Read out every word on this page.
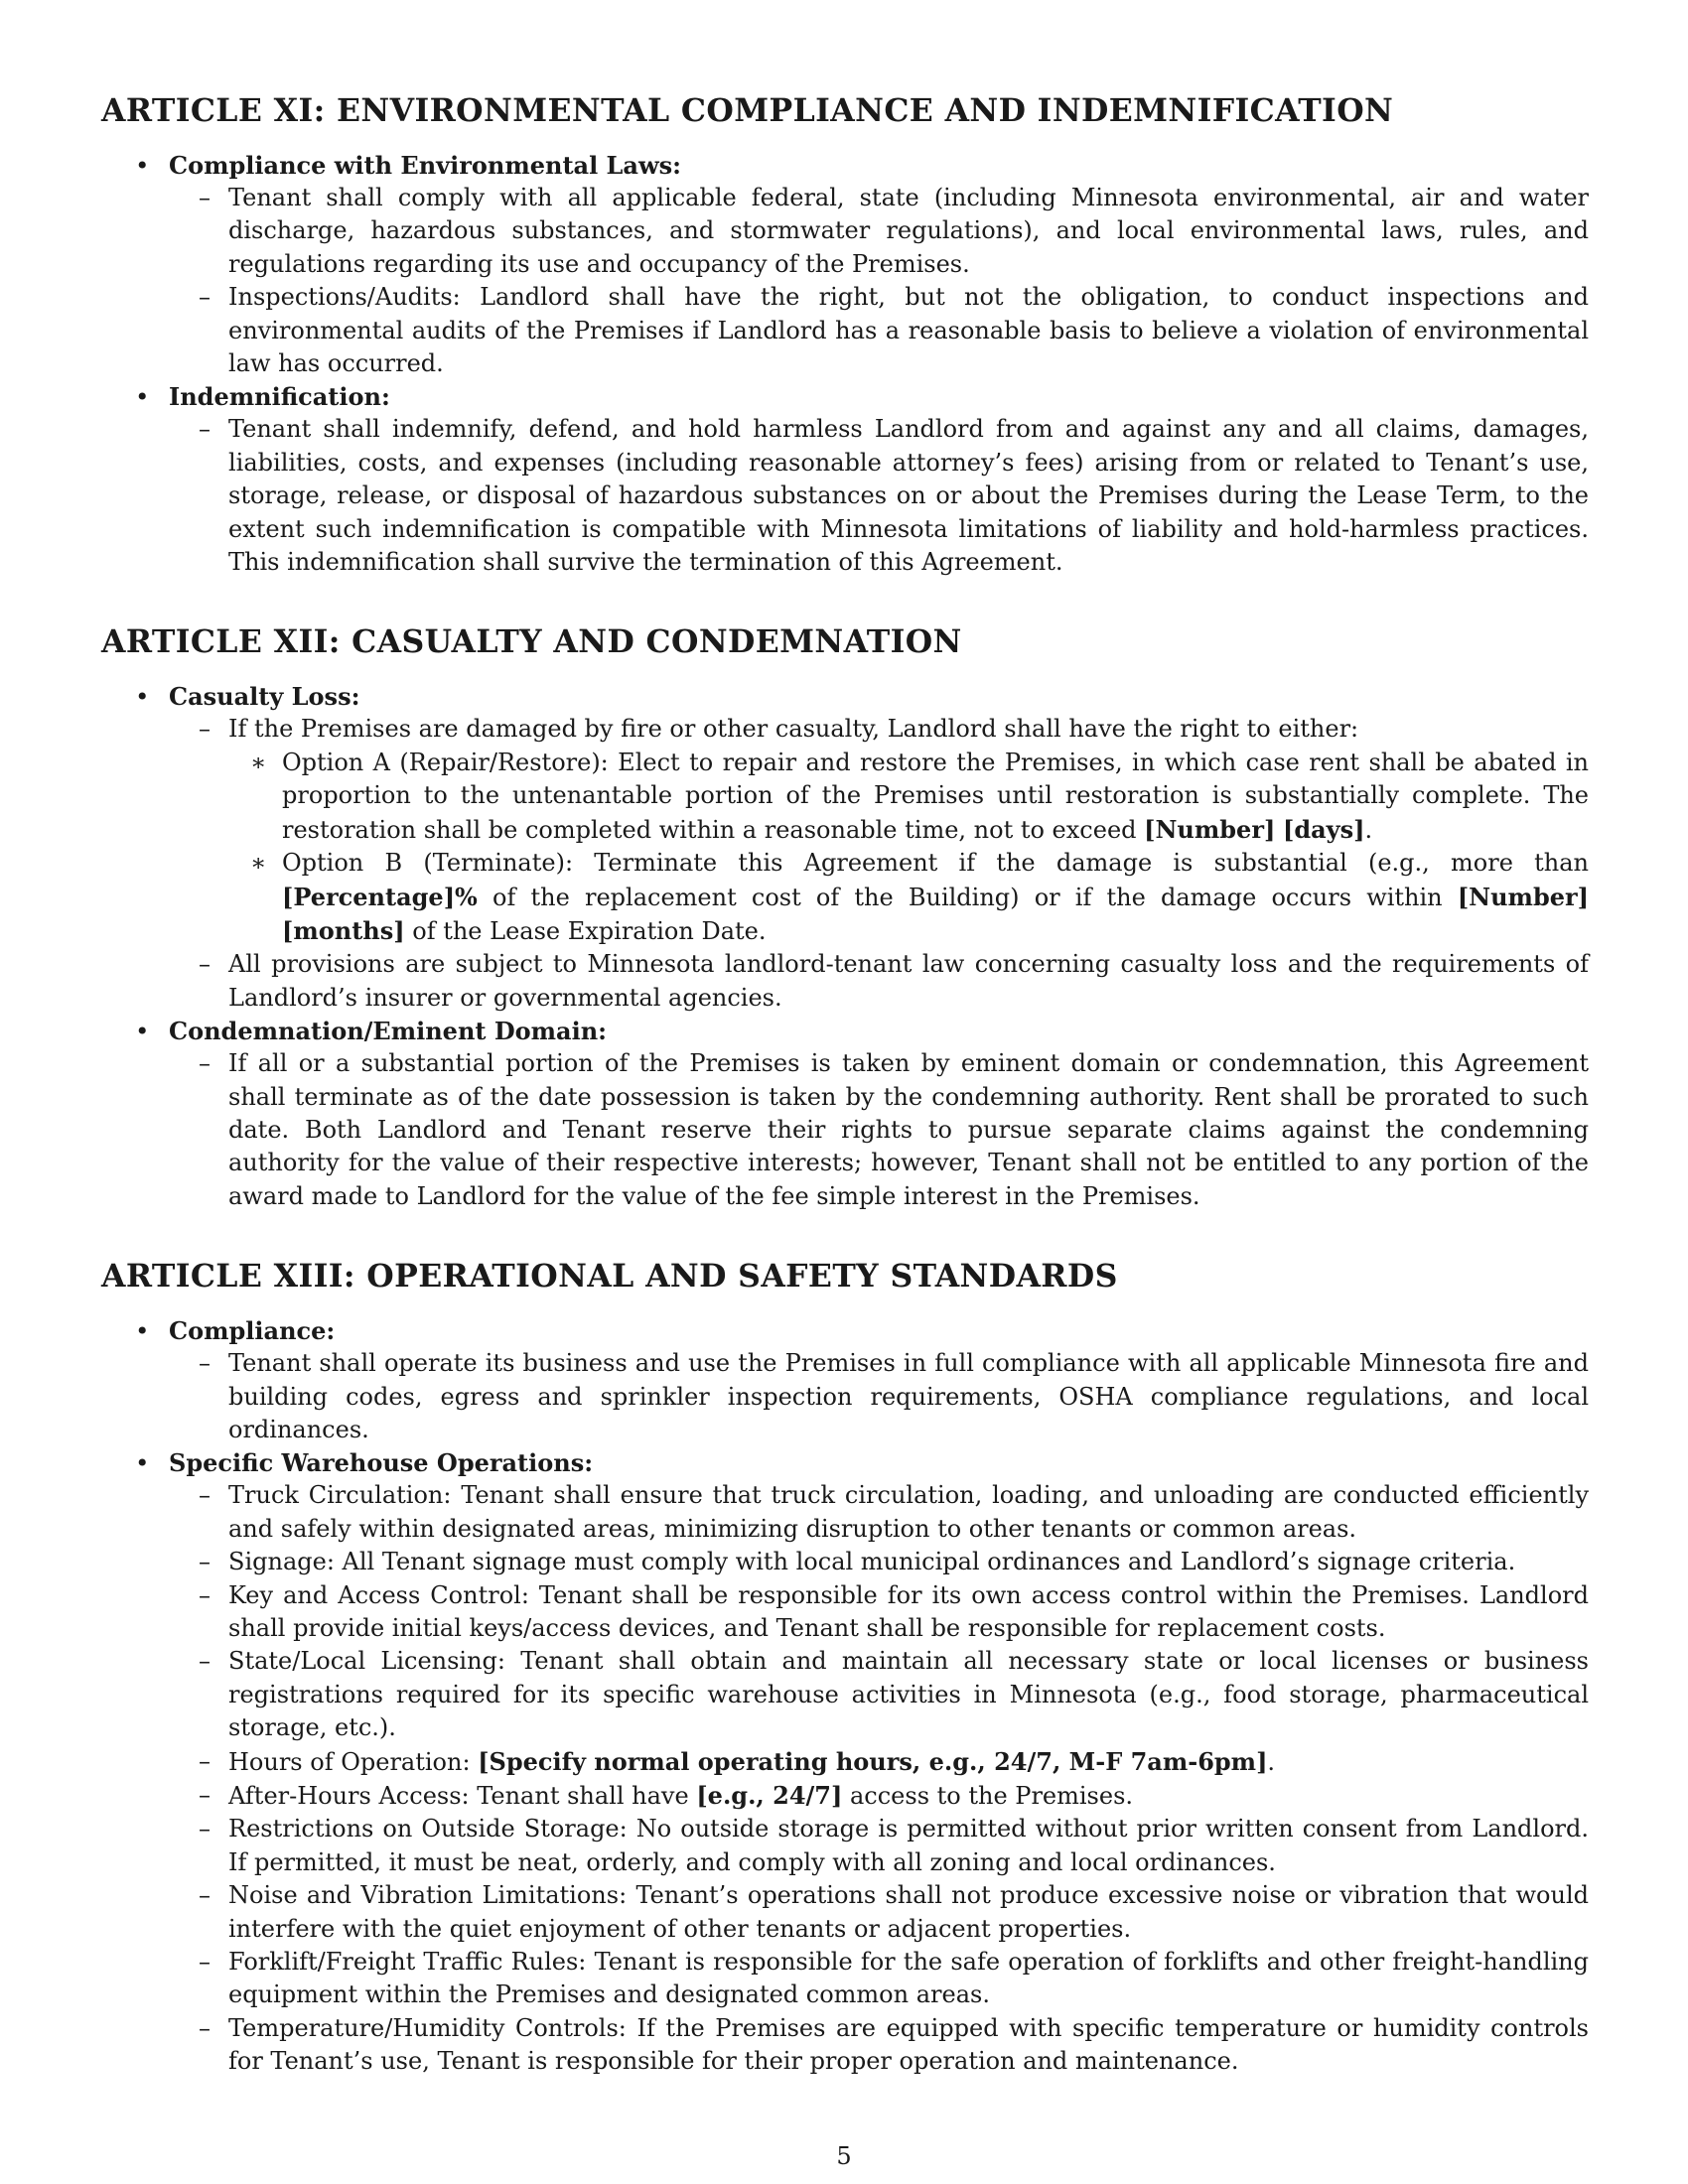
ARTICLE XI: ENVIRONMENTAL COMPLIANCE AND INDEMNIFICATION
• Compliance with Environmental Laws:
– Tenant shall comply with all applicable federal, state (including Minnesota environmental, air and water discharge, hazardous substances, and stormwater regulations), and local environmental laws, rules, and regulations regarding its use and occupancy of the Premises.
– Inspections/Audits: Landlord shall have the right, but not the obligation, to conduct inspections and environmental audits of the Premises if Landlord has a reasonable basis to believe a violation of environmental law has occurred.
• Indemnification:
– Tenant shall indemnify, defend, and hold harmless Landlord from and against any and all claims, damages, liabilities, costs, and expenses (including reasonable attorney’s fees) arising from or related to Tenant’s use, storage, release, or disposal of hazardous substances on or about the Premises during the Lease Term, to the extent such indemnification is compatible with Minnesota limitations of liability and hold-harmless practices. This indemnification shall survive the termination of this Agreement.
ARTICLE XII: CASUALTY AND CONDEMNATION
• Casualty Loss:
– If the Premises are damaged by fire or other casualty, Landlord shall have the right to either:
∗ Option A (Repair/Restore): Elect to repair and restore the Premises, in which case rent shall be abated in proportion to the untenantable portion of the Premises until restoration is substantially complete. The restoration shall be completed within a reasonable time, not to exceed [Number] [days].
∗ Option B (Terminate): Terminate this Agreement if the damage is substantial (e.g., more than [Percentage]% of the replacement cost of the Building) or if the damage occurs within [Number] [months] of the Lease Expiration Date.
– All provisions are subject to Minnesota landlord-tenant law concerning casualty loss and the requirements of Landlord’s insurer or governmental agencies.
• Condemnation/Eminent Domain:
– If all or a substantial portion of the Premises is taken by eminent domain or condemnation, this Agreement shall terminate as of the date possession is taken by the condemning authority. Rent shall be prorated to such date. Both Landlord and Tenant reserve their rights to pursue separate claims against the condemning authority for the value of their respective interests; however, Tenant shall not be entitled to any portion of the award made to Landlord for the value of the fee simple interest in the Premises.
ARTICLE XIII: OPERATIONAL AND SAFETY STANDARDS
• Compliance:
– Tenant shall operate its business and use the Premises in full compliance with all applicable Minnesota fire and building codes, egress and sprinkler inspection requirements, OSHA compliance regulations, and local ordinances.
• Specific Warehouse Operations:
– Truck Circulation: Tenant shall ensure that truck circulation, loading, and unloading are conducted efficiently and safely within designated areas, minimizing disruption to other tenants or common areas.
– Signage: All Tenant signage must comply with local municipal ordinances and Landlord’s signage criteria.
– Key and Access Control: Tenant shall be responsible for its own access control within the Premises. Landlord shall provide initial keys/access devices, and Tenant shall be responsible for replacement costs.
– State/Local Licensing: Tenant shall obtain and maintain all necessary state or local licenses or business registrations required for its specific warehouse activities in Minnesota (e.g., food storage, pharmaceutical storage, etc.).
– Hours of Operation: [Specify normal operating hours, e.g., 24/7, M-F 7am-6pm].
– After-Hours Access: Tenant shall have [e.g., 24/7] access to the Premises.
– Restrictions on Outside Storage: No outside storage is permitted without prior written consent from Landlord. If permitted, it must be neat, orderly, and comply with all zoning and local ordinances.
– Noise and Vibration Limitations: Tenant’s operations shall not produce excessive noise or vibration that would interfere with the quiet enjoyment of other tenants or adjacent properties.
– Forklift/Freight Traffic Rules: Tenant is responsible for the safe operation of forklifts and other freight-handling equipment within the Premises and designated common areas.
– Temperature/Humidity Controls: If the Premises are equipped with specific temperature or humidity controls for Tenant’s use, Tenant is responsible for their proper operation and maintenance.
5
